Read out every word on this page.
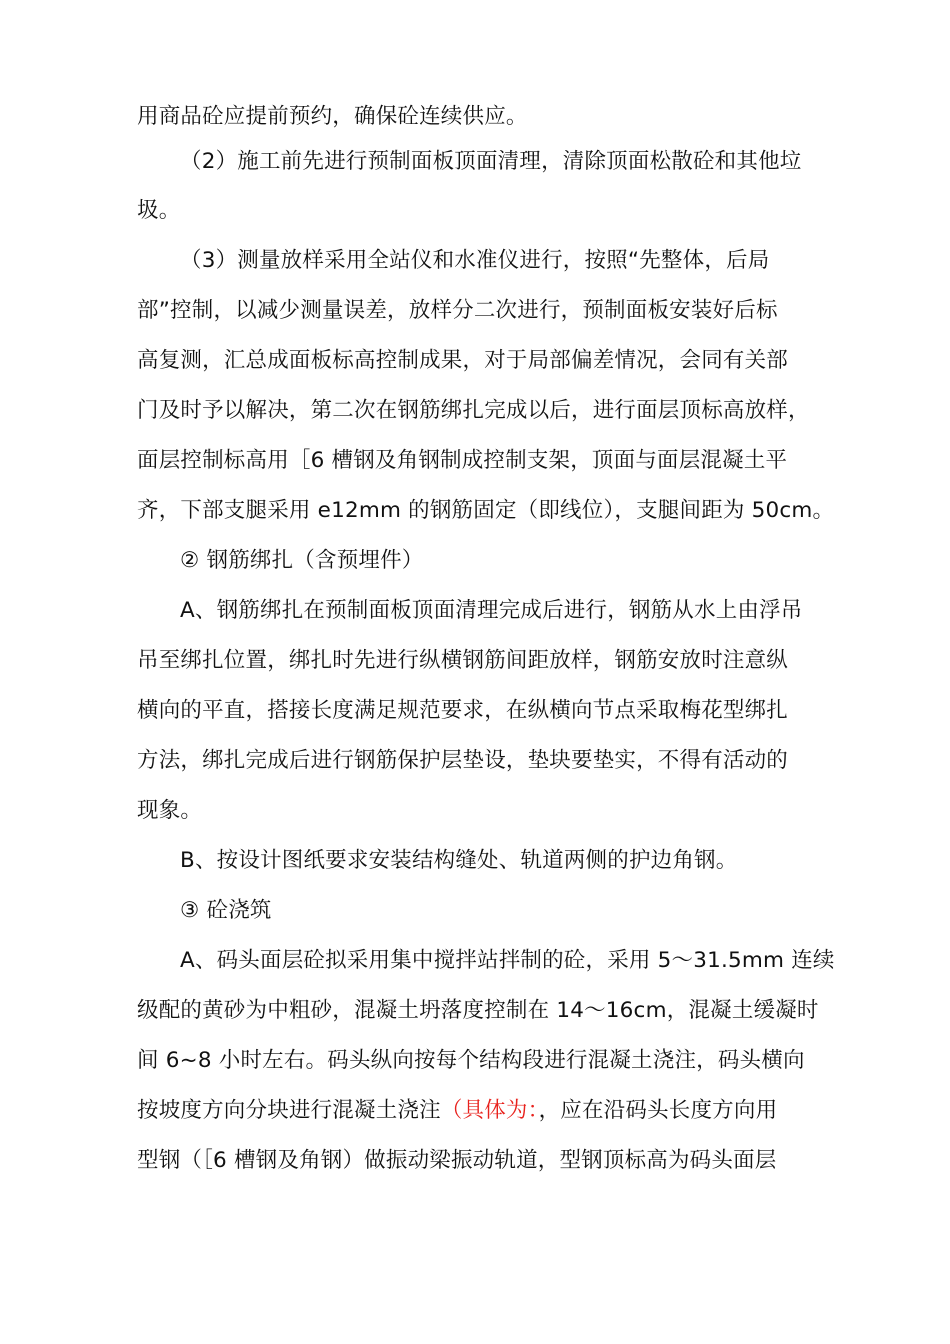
用商品砼应提前预约，确保砼连续供应。
（2）施工前先进行预制面板顶面清理，清除顶面松散砼和其他垃
圾。
（3）测量放样采用全站仪和水准仪进行，按照“先整体，后局
部”控制，以减少测量误差，放样分二次进行，预制面板安装好后标
高复测，汇总成面板标高控制成果，对于局部偏差情况，会同有关部
门及时予以解决，第二次在钢筋绑扎完成以后，进行面层顶标高放样，
面层控制标高用［6 槽钢及角钢制成控制支架，顶面与面层混凝土平
齐，下部支腿采用 e12mm 的钢筋固定（即线位），支腿间距为 50cm。
② 钢筋绑扎（含预埋件）
A、钢筋绑扎在预制面板顶面清理完成后进行，钢筋从水上由浮吊
吊至绑扎位置，绑扎时先进行纵横钢筋间距放样，钢筋安放时注意纵
横向的平直，搭接长度满足规范要求，在纵横向节点采取梅花型绑扎
方法，绑扎完成后进行钢筋保护层垫设，垫块要垫实，不得有活动的
现象。
B、按设计图纸要求安装结构缝处、轨道两侧的护边角钢。
③ 砼浇筑
A、码头面层砼拟采用集中搅拌站拌制的砼，采用 5～31.5mm 连续
级配的黄砂为中粗砂，混凝土坍落度控制在 14～16cm，混凝土缓凝时
间 6~8 小时左右。码头纵向按每个结构段进行混凝土浇注，码头横向
按坡度方向分块进行混凝土浇注（具体为：，应在沿码头长度方向用
型钢（［6 槽钢及角钢）做振动梁振动轨道，型钢顶标高为码头面层
